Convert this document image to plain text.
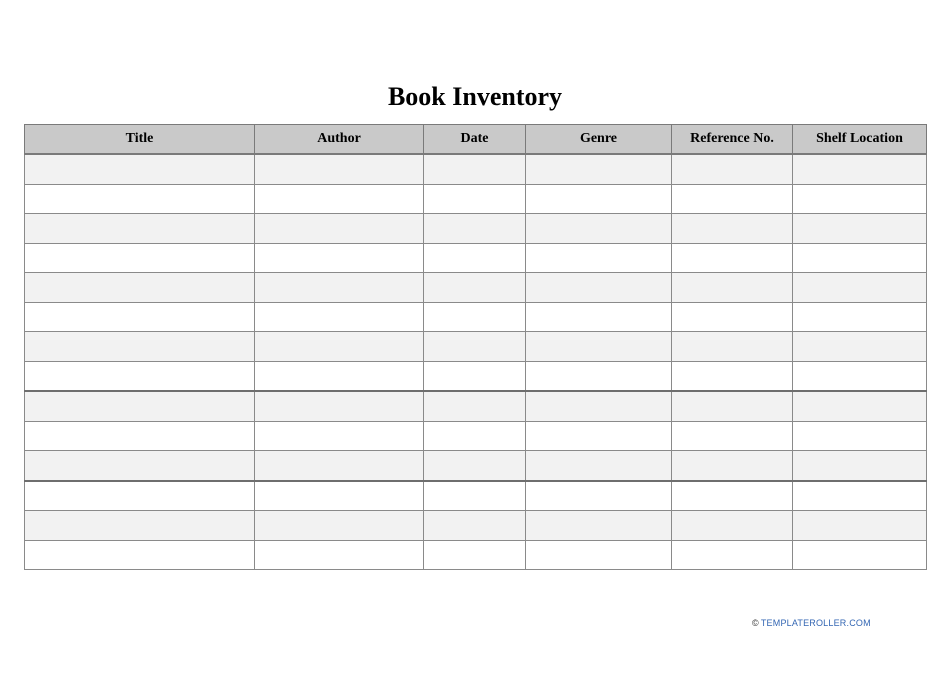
Book Inventory
Title	Author	Date	Genre	Reference No.	Shelf Location

© TEMPLATEROLLER.COM
